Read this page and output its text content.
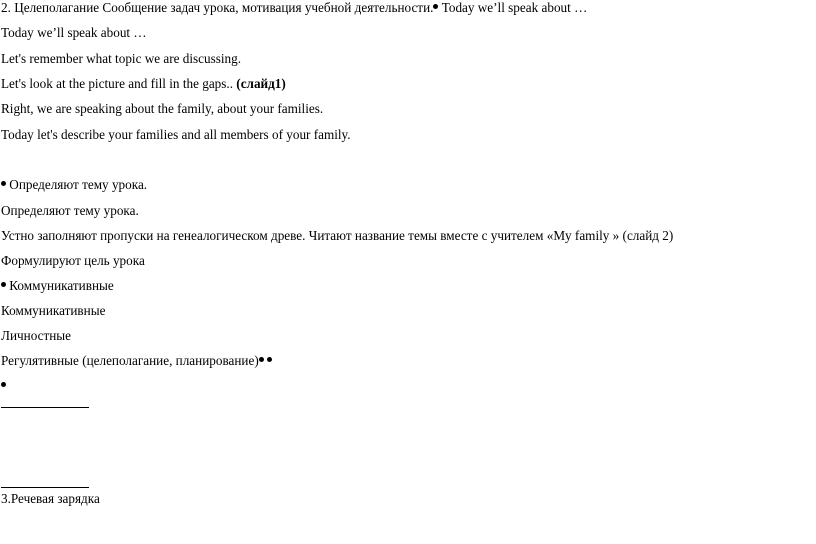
2. Целеполагание Сообщение задач урока, мотивация учебной деятельности. Today we’ll speak about …
Today we’ll speak about …
Let's remember what topic we are discussing.
Let's look at the picture and fill in the gaps.. (слайд1)
Right, we are speaking about the family, about your families.
Today let's describe your families and all members of your family.
Определяют тему урока.
Определяют тему урока.
Устно заполняют пропуски на генеалогическом древе. Читают название темы вместе с учителем «My family » (слайд 2)
Формулируют цель урока
Коммуникативные
Коммуникативные
Личностные
Регулятивные (целеполагание, планирование)
3.Речевая зарядка
